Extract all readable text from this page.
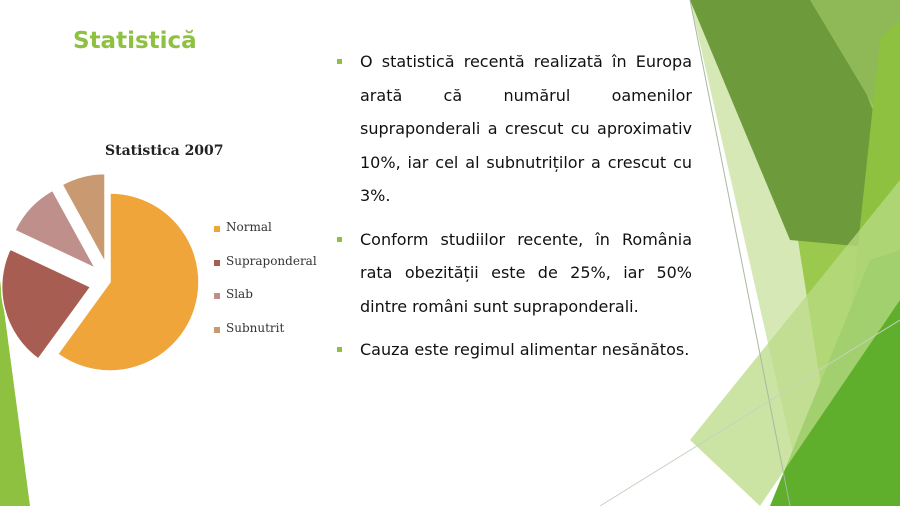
Statistică
Statistica 2007
Normal
Supraponderal
Slab
Subnutrit
O statistică recentă realizată în Europa arată că numărul oamenilor supraponderali a crescut cu aproximativ 10%, iar cel al subnutriților a crescut cu 3%.
Conform studiilor recente, în România rata obezității este de 25%, iar 50% dintre români sunt supraponderali.
Cauza este regimul alimentar nesănătos.
